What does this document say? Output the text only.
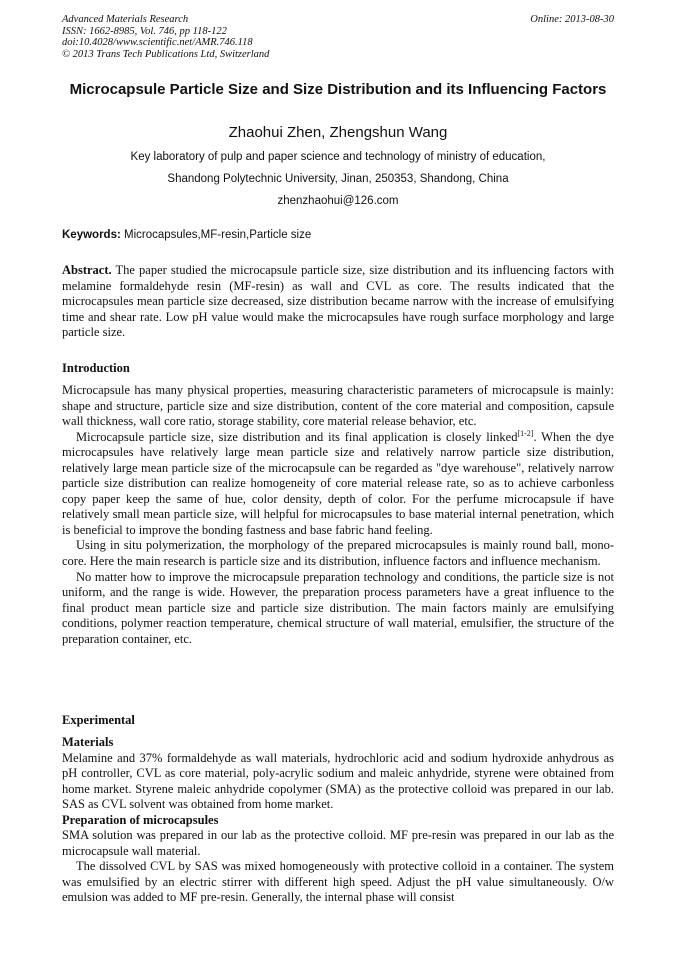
Advanced Materials Research
ISSN: 1662-8985, Vol. 746, pp 118-122
doi:10.4028/www.scientific.net/AMR.746.118
© 2013 Trans Tech Publications Ltd, Switzerland
Online: 2013-08-30
Microcapsule Particle Size and Size Distribution and its Influencing Factors
Zhaohui Zhen, Zhengshun Wang
Key laboratory of pulp and paper science and technology of ministry of education,
Shandong Polytechnic University, Jinan, 250353, Shandong, China
zhenzhaohui@126.com
Keywords: Microcapsules,MF-resin,Particle size

Abstract. The paper studied the microcapsule particle size, size distribution and its influencing factors with melamine formaldehyde resin (MF-resin) as wall and CVL as core. The results indicated that the microcapsules mean particle size decreased, size distribution became narrow with the increase of emulsifying time and shear rate. Low pH value would make the microcapsules have rough surface morphology and large particle size.

Introduction

Microcapsule has many physical properties, measuring characteristic parameters of microcapsule is mainly: shape and structure, particle size and size distribution, content of the core material and composition, capsule wall thickness, wall core ratio, storage stability, core material release behavior, etc.

Microcapsule particle size, size distribution and its final application is closely linked[1-2]. When the dye microcapsules have relatively large mean particle size and relatively narrow particle size distribution, relatively large mean particle size of the microcapsule can be regarded as "dye warehouse", relatively narrow particle size distribution can realize homogeneity of core material release rate, so as to achieve carbonless copy paper keep the same of hue, color density, depth of color. For the perfume microcapsule if have relatively small mean particle size, will helpful for microcapsules to base material internal penetration, which is beneficial to improve the bonding fastness and base fabric hand feeling.

Using in situ polymerization, the morphology of the prepared microcapsules is mainly round ball, mono-core. Here the main research is particle size and its distribution, influence factors and influence mechanism.

No matter how to improve the microcapsule preparation technology and conditions, the particle size is not uniform, and the range is wide. However, the preparation process parameters have a great influence to the final product mean particle size and particle size distribution. The main factors mainly are emulsifying conditions, polymer reaction temperature, chemical structure of wall material, emulsifier, the structure of the preparation container, etc.

Experimental

Materials

Melamine and 37% formaldehyde as wall materials, hydrochloric acid and sodium hydroxide anhydrous as pH controller, CVL as core material, poly-acrylic sodium and maleic anhydride, styrene were obtained from home market. Styrene maleic anhydride copolymer (SMA) as the protective colloid was prepared in our lab. SAS as CVL solvent was obtained from home market.

Preparation of microcapsules

SMA solution was prepared in our lab as the protective colloid. MF pre-resin was prepared in our lab as the microcapsule wall material.

The dissolved CVL by SAS was mixed homogeneously with protective colloid in a container. The system was emulsified by an electric stirrer with different high speed. Adjust the pH value simultaneously. O/w emulsion was added to MF pre-resin. Generally, the internal phase will consist
